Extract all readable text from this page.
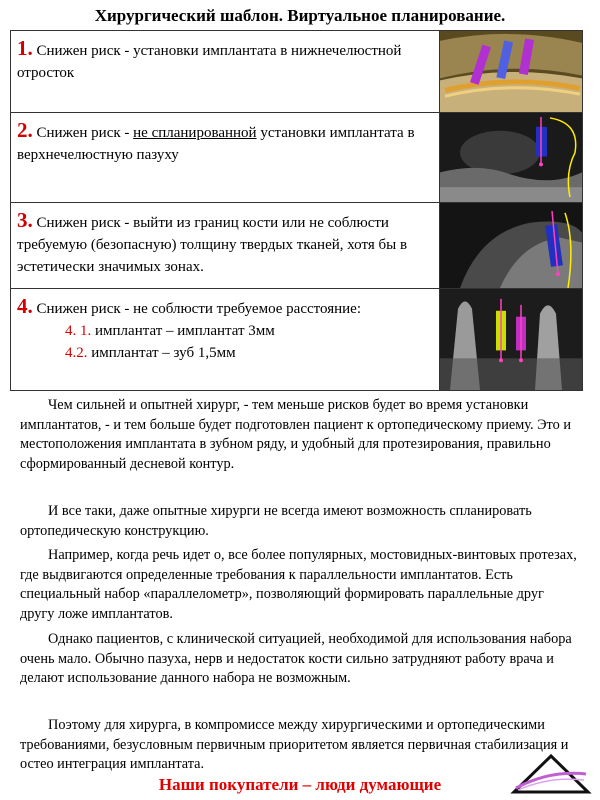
Хирургический шаблон. Виртуальное планирование.
1. Снижен риск - установки имплантата в нижнечелюстной отросток	

2. Снижен риск - не спланированной установки имплантата в верхнечелюстную пазуху	

3. Снижен риск - выйти из границ кости или не соблюсти требуемую (безопасную) толщину твердых тканей, хотя бы в эстетически значимых зонах.	

4. Снижен риск - не соблюсти требуемое расстояние:
4. 1. имплантат – имплантат 3мм
4.2. имплантат – зуб 1,5мм

Чем сильней и опытней хирург, - тем меньше рисков будет во время установки имплантатов, - и тем больше будет подготовлен пациент к ортопедическому приему. Это и местоположения имплантата в зубном ряду, и удобный для протезирования, правильно сформированный десневой контур.

И все таки, даже опытные хирурги не всегда имеют возможность спланировать ортопедическую конструкцию.

Например, когда речь идет о, все более популярных, мостовидных-винтовых протезах, где выдвигаются определенные требования к параллельности имплантатов. Есть специальный набор «параллелометр», позволяющий формировать параллельные друг другу ложе имплантатов.

Однако пациентов, с клинической ситуацией, необходимой для использования набора очень мало. Обычно пазуха, нерв и недостаток кости сильно затрудняют работу врача и делают использование данного набора не возможным.

Поэтому для хирурга, в компромиссе между хирургическими и ортопедическими требованиями, безусловным первичным приоритетом является первичная стабилизация и остео интеграция имплантата.

Наши покупатели – люди думающие
